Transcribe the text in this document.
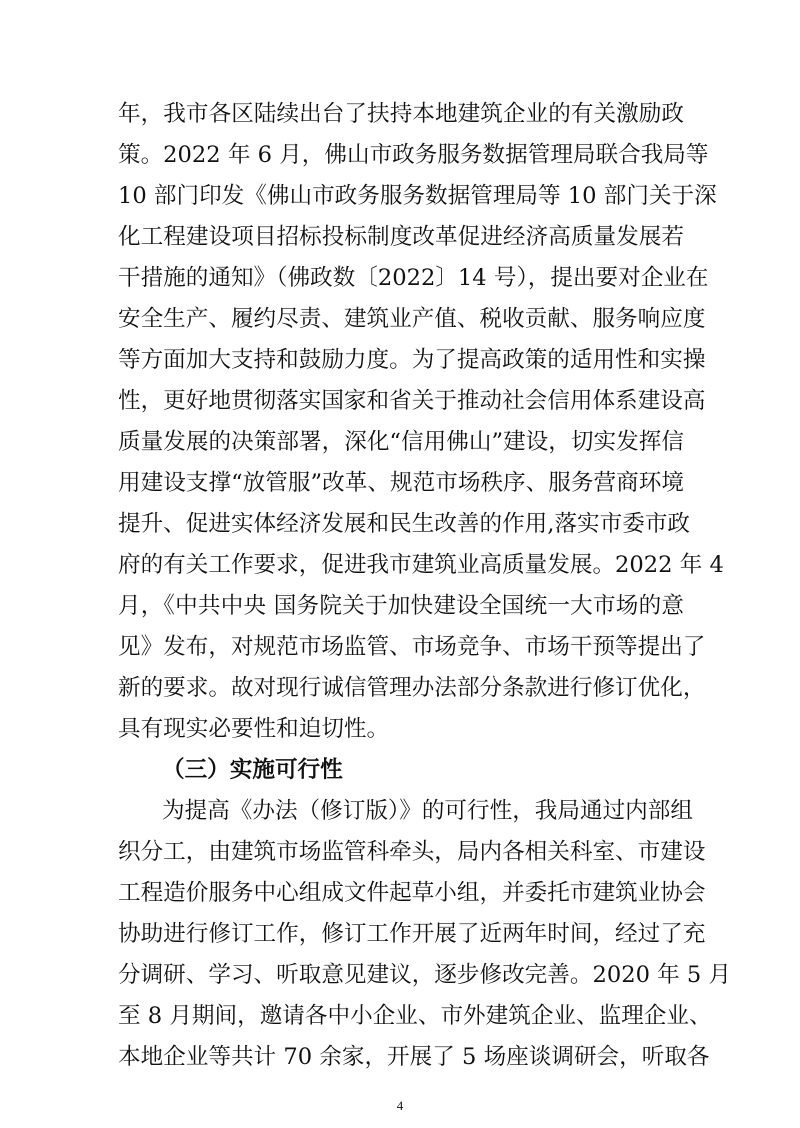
年，我市各区陆续出台了扶持本地建筑企业的有关激励政
策。2022 年 6 月，佛山市政务服务数据管理局联合我局等
10 部门印发《佛山市政务服务数据管理局等 10 部门关于深
化工程建设项目招标投标制度改革促进经济高质量发展若
干措施的通知》（佛政数〔2022〕14 号），提出要对企业在
安全生产、履约尽责、建筑业产值、税收贡献、服务响应度
等方面加大支持和鼓励力度。为了提高政策的适用性和实操
性，更好地贯彻落实国家和省关于推动社会信用体系建设高
质量发展的决策部署，深化“信用佛山”建设，切实发挥信
用建设支撑“放管服”改革、规范市场秩序、服务营商环境
提升、促进实体经济发展和民生改善的作用,落实市委市政
府的有关工作要求，促进我市建筑业高质量发展。2022 年 4
月，《中共中央 国务院关于加快建设全国统一大市场的意
见》发布，对规范市场监管、市场竞争、市场干预等提出了
新的要求。故对现行诚信管理办法部分条款进行修订优化，
具有现实必要性和迫切性。
（三）实施可行性
为提高《办法（修订版）》的可行性，我局通过内部组
织分工，由建筑市场监管科牵头，局内各相关科室、市建设
工程造价服务中心组成文件起草小组，并委托市建筑业协会
协助进行修订工作，修订工作开展了近两年时间，经过了充
分调研、学习、听取意见建议，逐步修改完善。2020 年 5 月
至 8 月期间，邀请各中小企业、市外建筑企业、监理企业、
本地企业等共计 70 余家，开展了 5 场座谈调研会，听取各
4
